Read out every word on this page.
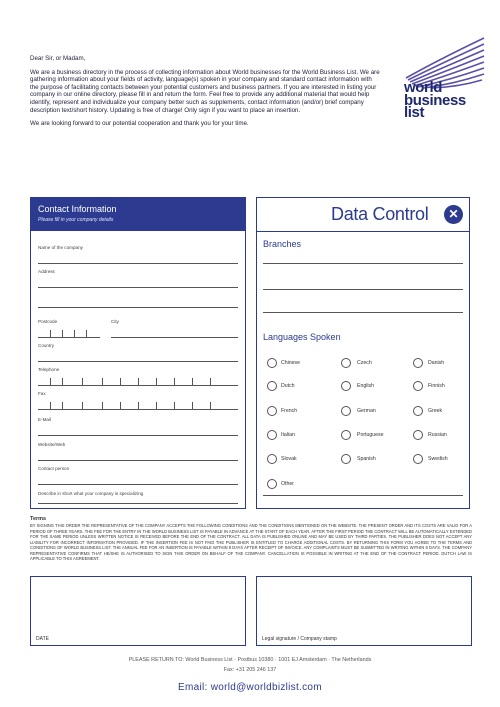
Dear Sir, or Madam,

We are a business directory in the process of collecting information about World businesses for the World Business List. We are gathering information about your fields of activity, language(s) spoken in your company and standard contact information with the purpose of facilitating contacts between your potential customers and business partners. If you are interested in listing your company in our online directory, please fill in and return the form. Feel free to provide any additional material that would help identify, represent and individualize your company better such as supplements, contact information (and/or) brief company description text/short history. Updating is free of charge! Only sign if you want to place an insertion.

We are looking forward to our potential cooperation and thank you for your time.

world
business
list
Contact Information
Please fill in your company details
Name of the company
Address
Postcode	City
Country
Telephone
Fax
E-Mail
Website/Web
Contact person
Describe in short what your company is specializing
Data Control	✕
Branches
Languages Spoken
Chinese	Czech	Danish
Dutch	English	Finnish
French	German	Greek
Italian	Portuguese	Russian
Slovak	Spanish	Swedish
Other
Terms
BY SIGNING THIS ORDER THE REPRESENTATIVE OF THE COMPANY ACCEPTS THE FOLLOWING CONDITIONS AND THE CONDITIONS MENTIONED ON THE WEBSITE. THE PRESENT ORDER AND ITS COSTS ARE VALID FOR A PERIOD OF THREE YEARS. THE FEE FOR THE ENTRY IN THE WORLD BUSINESS LIST IS PAYABLE IN ADVANCE AT THE START OF EACH YEAR. AFTER THE FIRST PERIOD THE CONTRACT WILL BE AUTOMATICALLY EXTENDED FOR THE SAME PERIOD UNLESS WRITTEN NOTICE IS RECEIVED BEFORE THE END OF THE CONTRACT. ALL DATA IS PUBLISHED ONLINE AND MAY BE USED BY THIRD PARTIES. THE PUBLISHER DOES NOT ACCEPT ANY LIABILITY FOR INCORRECT INFORMATION PROVIDED. IF THE INSERTION FEE IS NOT PAID THE PUBLISHER IS ENTITLED TO CHARGE ADDITIONAL COSTS. BY RETURNING THIS FORM YOU AGREE TO THE TERMS AND CONDITIONS OF WORLD BUSINESS LIST. THE ANNUAL FEE FOR AN INSERTION IS PAYABLE WITHIN 8 DAYS AFTER RECEIPT OF INVOICE. ANY COMPLAINTS MUST BE SUBMITTED IN WRITING WITHIN 8 DAYS. THE COMPANY REPRESENTATIVE CONFIRMS THAT HE/SHE IS AUTHORISED TO SIGN THIS ORDER ON BEHALF OF THE COMPANY. CANCELLATION IS POSSIBLE IN WRITING AT THE END OF THE CONTRACT PERIOD. DUTCH LAW IS APPLICABLE TO THIS AGREEMENT.
DATE	Legal signature / Company stamp
PLEASE RETURN TO: World Business List · Postbus 10380 · 1001 EJ Amsterdam · The Netherlands
Fax: +31 205 246 137
Email: world@worldbizlist.com
